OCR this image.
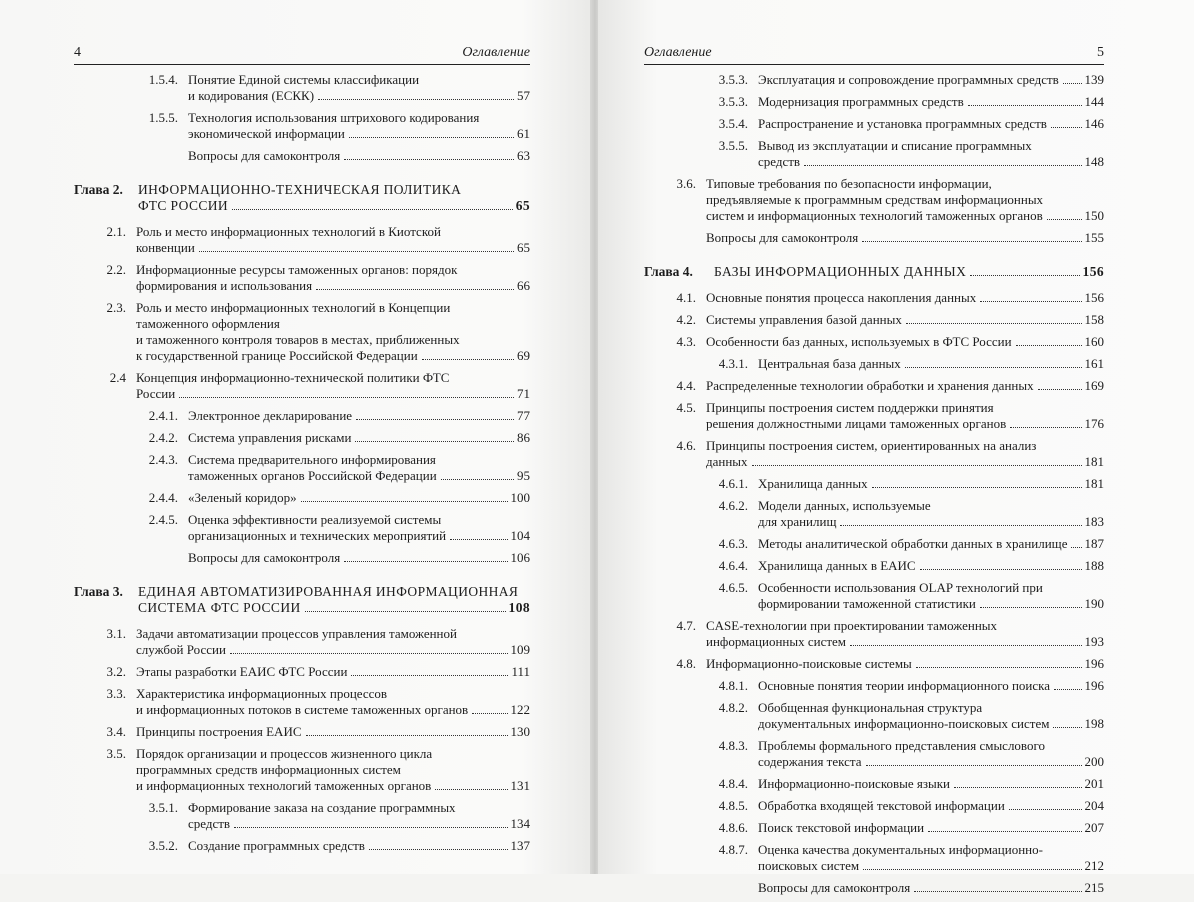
4	Оглавление
1.5.4. Понятие Единой системы классификации
и кодирования (ЕСКК)	57
1.5.5. Технология использования штрихового кодирования
экономической информации	61
Вопросы для самоконтроля	63
Глава 2. ИНФОРМАЦИОННО-ТЕХНИЧЕСКАЯ ПОЛИТИКА
ФТС РОССИИ	65
2.1. Роль и место информационных технологий в Киотской
конвенции	65
2.2. Информационные ресурсы таможенных органов: порядок
формирования и использования	66
2.3. Роль и место информационных технологий в Концепции
таможенного оформления
и таможенного контроля товаров в местах, приближенных
к государственной границе Российской Федерации	69
2.4 Концепция информационно-технической политики ФТС
России	71
2.4.1. Электронное декларирование	77
2.4.2. Система управления рисками	86
2.4.3. Система предварительного информирования
таможенных органов Российской Федерации	95
2.4.4. «Зеленый коридор»	100
2.4.5. Оценка эффективности реализуемой системы
организационных и технических мероприятий	104
Вопросы для самоконтроля	106
Глава 3. ЕДИНАЯ АВТОМАТИЗИРОВАННАЯ ИНФОРМАЦИОННАЯ
СИСТЕМА ФТС РОССИИ	108
3.1. Задачи автоматизации процессов управления таможенной
службой России	109
3.2. Этапы разработки ЕАИС ФТС России	111
3.3. Характеристика информационных процессов
и информационных потоков в системе таможенных органов	122
3.4. Принципы построения ЕАИС	130
3.5. Порядок организации и процессов жизненного цикла
программных средств информационных систем
и информационных технологий таможенных органов	131
3.5.1. Формирование заказа на создание программных
средств	134
3.5.2. Создание программных средств	137
Оглавление	5
3.5.3. Эксплуатация и сопровождение программных средств 139
3.5.3. Модернизация программных средств	144
3.5.4. Распространение и установка программных средств	146
3.5.5. Вывод из эксплуатации и списание программных
средств	148
3.6. Типовые требования по безопасности информации,
предъявляемые к программным средствам информационных
систем и информационных технологий таможенных органов	150
Вопросы для самоконтроля	155
Глава 4. БАЗЫ ИНФОРМАЦИОННЫХ ДАННЫХ	156
4.1. Основные понятия процесса накопления данных	156
4.2. Системы управления базой данных	158
4.3. Особенности баз данных, используемых в ФТС России	160
4.3.1. Центральная база данных	161
4.4. Распределенные технологии обработки и хранения данных	169
4.5. Принципы построения систем поддержки принятия
решения должностными лицами таможенных органов	176
4.6. Принципы построения систем, ориентированных на анализ
данных	181
4.6.1. Хранилища данных	181
4.6.2. Модели данных, используемые
для хранилищ	183
4.6.3. Методы аналитической обработки данных в хранилище 187
4.6.4. Хранилища данных в ЕАИС	188
4.6.5. Особенности использования OLAP технологий при
формировании таможенной статистики	190
4.7. CASE-технологии при проектировании таможенных
информационных систем	193
4.8. Информационно-поисковые системы	196
4.8.1. Основные понятия теории информационного поиска	196
4.8.2. Обобщенная функциональная структура
документальных информационно-поисковых систем	198
4.8.3. Проблемы формального представления смыслового
содержания текста	200
4.8.4. Информационно-поисковые языки	201
4.8.5. Обработка входящей текстовой информации	204
4.8.6. Поиск текстовой информации	207
4.8.7. Оценка качества документальных информационно-
поисковых систем	212
Вопросы для самоконтроля	215
